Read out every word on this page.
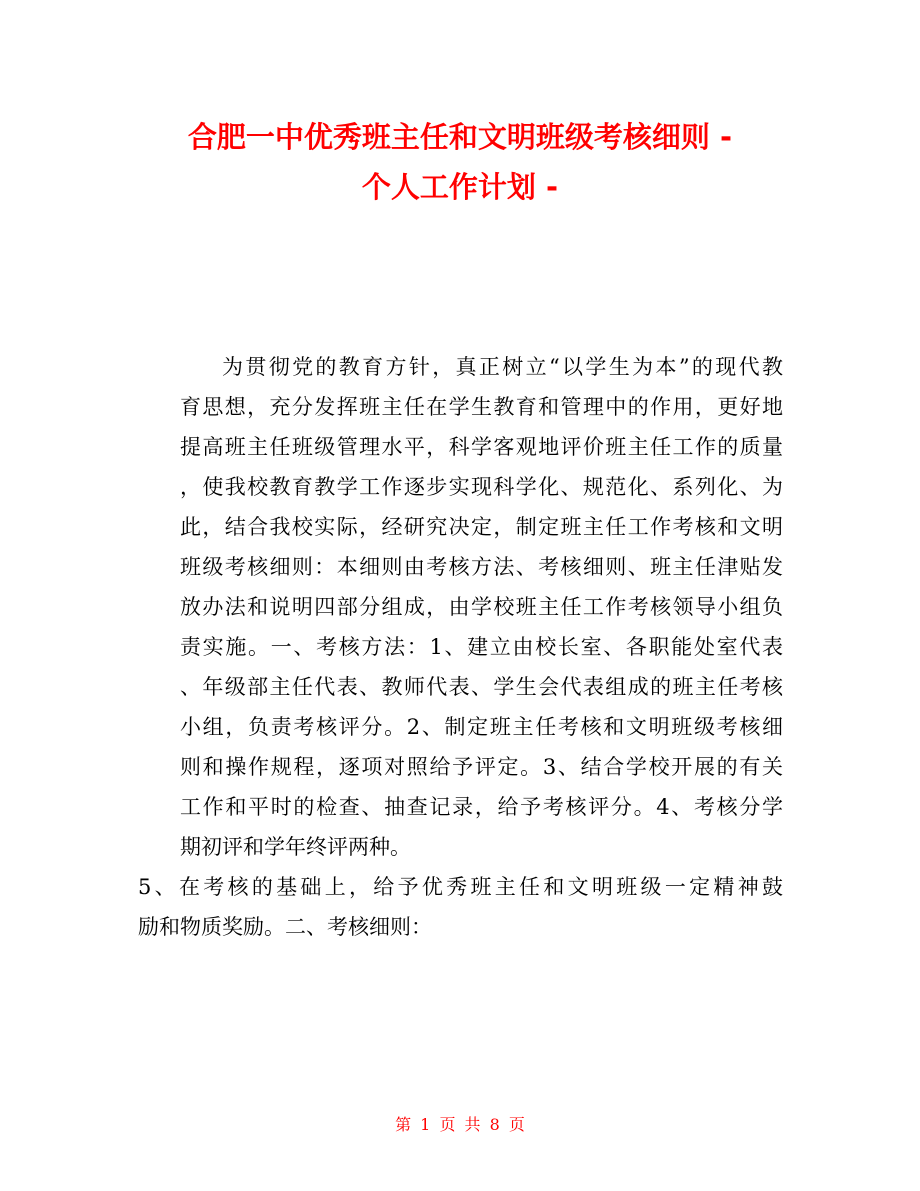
合肥一中优秀班主任和文明班级考核细则 -
个人工作计划 -
为贯彻党的教育方针，真正树立“以学生为本”的现代教
育思想，充分发挥班主任在学生教育和管理中的作用，更好地
提高班主任班级管理水平，科学客观地评价班主任工作的质量
，使我校教育教学工作逐步实现科学化、规范化、系列化、为
此，结合我校实际，经研究决定，制定班主任工作考核和文明
班级考核细则：本细则由考核方法、考核细则、班主任津贴发
放办法和说明四部分组成，由学校班主任工作考核领导小组负
责实施。一、考核方法：1、建立由校长室、各职能处室代表
、年级部主任代表、教师代表、学生会代表组成的班主任考核
小组，负责考核评分。2、制定班主任考核和文明班级考核细
则和操作规程，逐项对照给予评定。3、结合学校开展的有关
工作和平时的检查、抽查记录，给予考核评分。4、考核分学
期初评和学年终评两种。
5、在考核的基础上，给予优秀班主任和文明班级一定精神鼓
励和物质奖励。二、考核细则：
第 1 页 共 8 页
